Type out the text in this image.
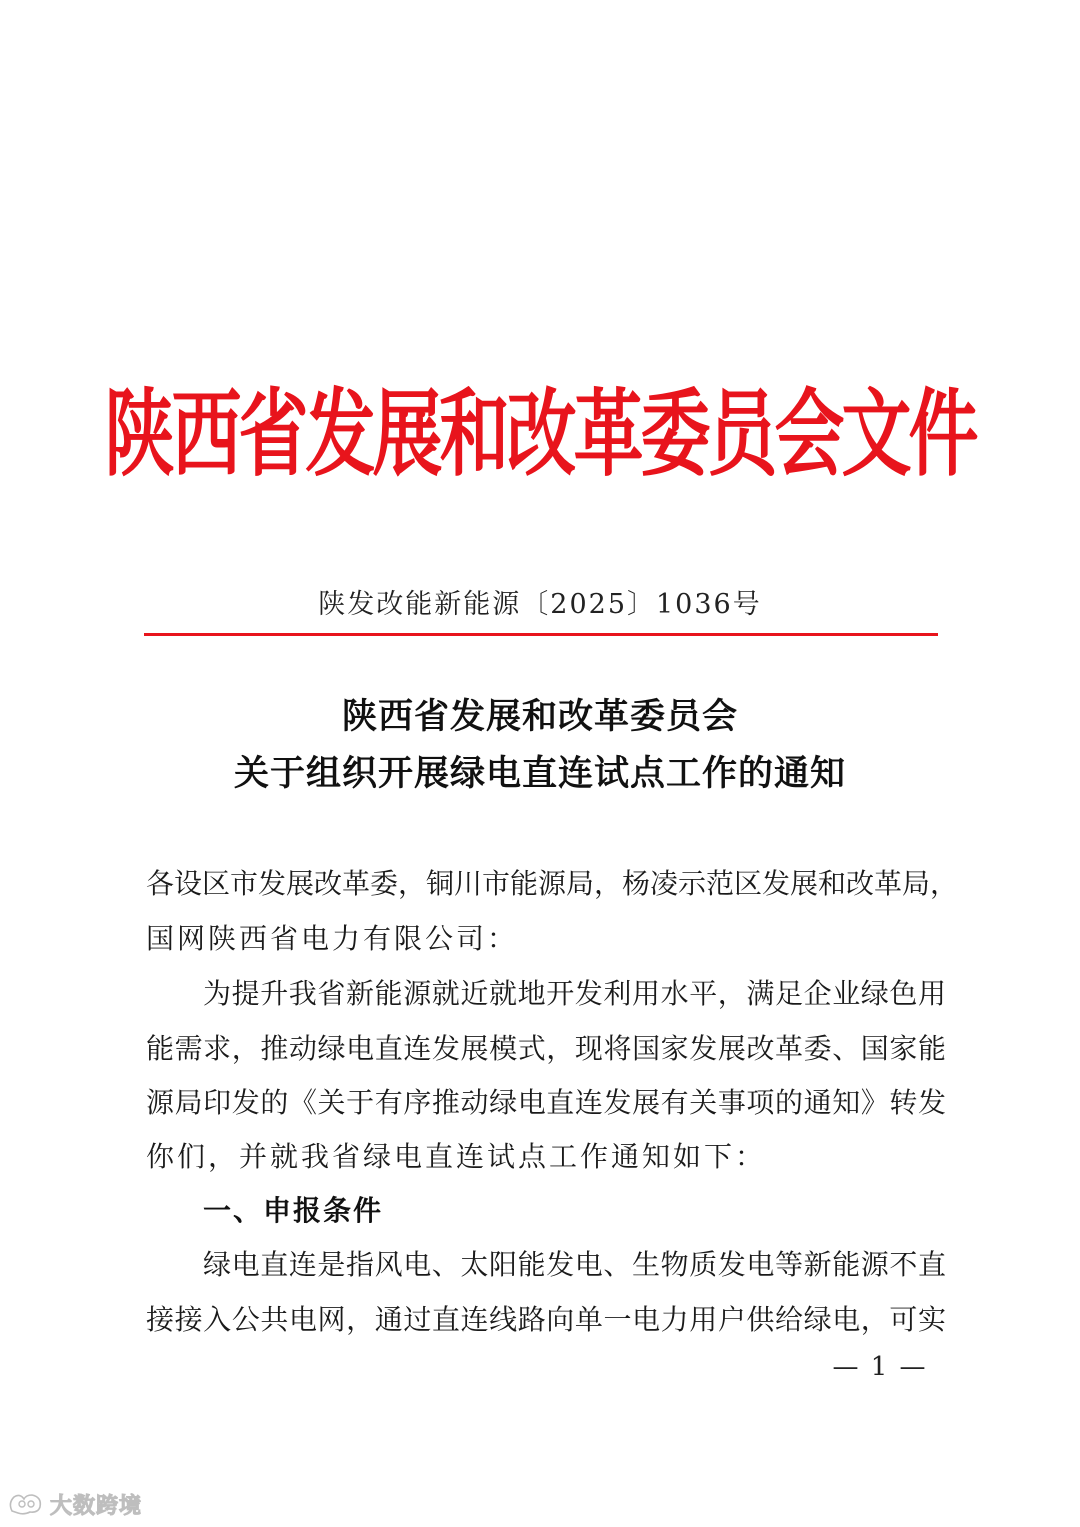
陕西省发展和改革委员会文件
陕发改能新能源〔2025〕1036号
陕西省发展和改革委员会
关于组织开展绿电直连试点工作的通知
各设区市发展改革委，铜川市能源局，杨凌示范区发展和改革局，
国网陕西省电力有限公司：
为提升我省新能源就近就地开发利用水平，满足企业绿色用
能需求，推动绿电直连发展模式，现将国家发展改革委、国家能
源局印发的《关于有序推动绿电直连发展有关事项的通知》转发
你们，并就我省绿电直连试点工作通知如下：
一、申报条件
绿电直连是指风电、太阳能发电、生物质发电等新能源不直
接接入公共电网，通过直连线路向单一电力用户供给绿电，可实
— 1 —
大数跨境
